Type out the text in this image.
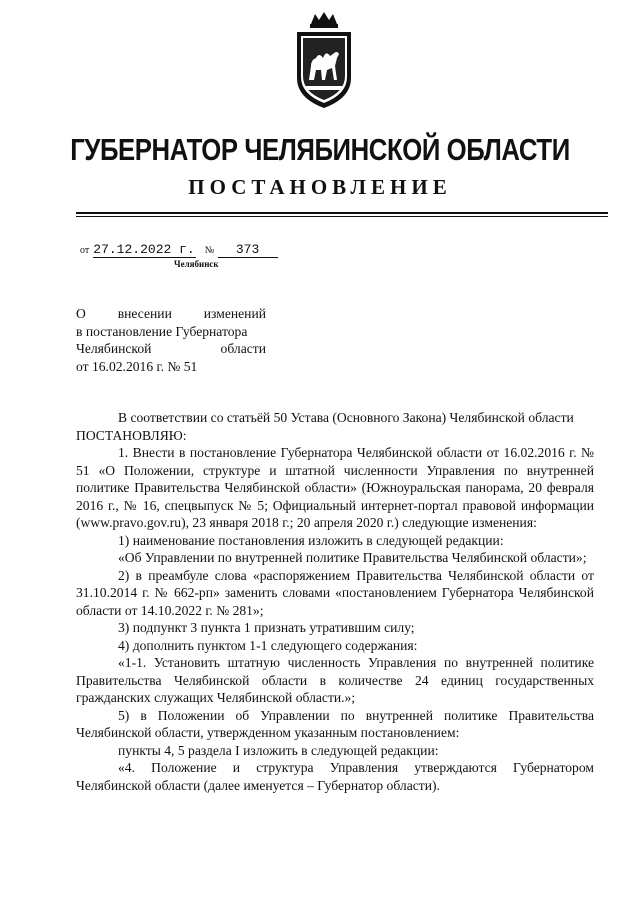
ГУБЕРНАТОР ЧЕЛЯБИНСКОЙ ОБЛАСТИ
ПОСТАНОВЛЕНИЕ
от 27.12.2022 г. № 373
Челябинск
О внесении изменений
в постановление Губернатора
Челябинской области
от 16.02.2016 г. № 51

В соответствии со статьёй 50 Устава (Основного Закона) Челябинской области

ПОСТАНОВЛЯЮ:

1. Внести в постановление Губернатора Челябинской области от 16.02.2016 г. № 51 «О Положении, структуре и штатной численности Управления по внутренней политике Правительства Челябинской области» (Южноуральская панорама, 20 февраля 2016 г., № 16, спецвыпуск № 5; Официальный интернет-портал правовой информации (www.pravo.gov.ru), 23 января 2018 г.; 20 апреля 2020 г.) следующие изменения:

1) наименование постановления изложить в следующей редакции:

«Об Управлении по внутренней политике Правительства Челябинской области»;

2) в преамбуле слова «распоряжением Правительства Челябинской области от 31.10.2014 г. № 662-рп» заменить словами «постановлением Губернатора Челябинской области от 14.10.2022 г. № 281»;

3) подпункт 3 пункта 1 признать утратившим силу;

4) дополнить пунктом 1-1 следующего содержания:

«1-1. Установить штатную численность Управления по внутренней политике Правительства Челябинской области в количестве 24 единиц государственных гражданских служащих Челябинской области.»;

5) в Положении об Управлении по внутренней политике Правительства Челябинской области, утвержденном указанным постановлением:

пункты 4, 5 раздела I изложить в следующей редакции:

«4. Положение и структура Управления утверждаются Губернатором Челябинской области (далее именуется – Губернатор области).
